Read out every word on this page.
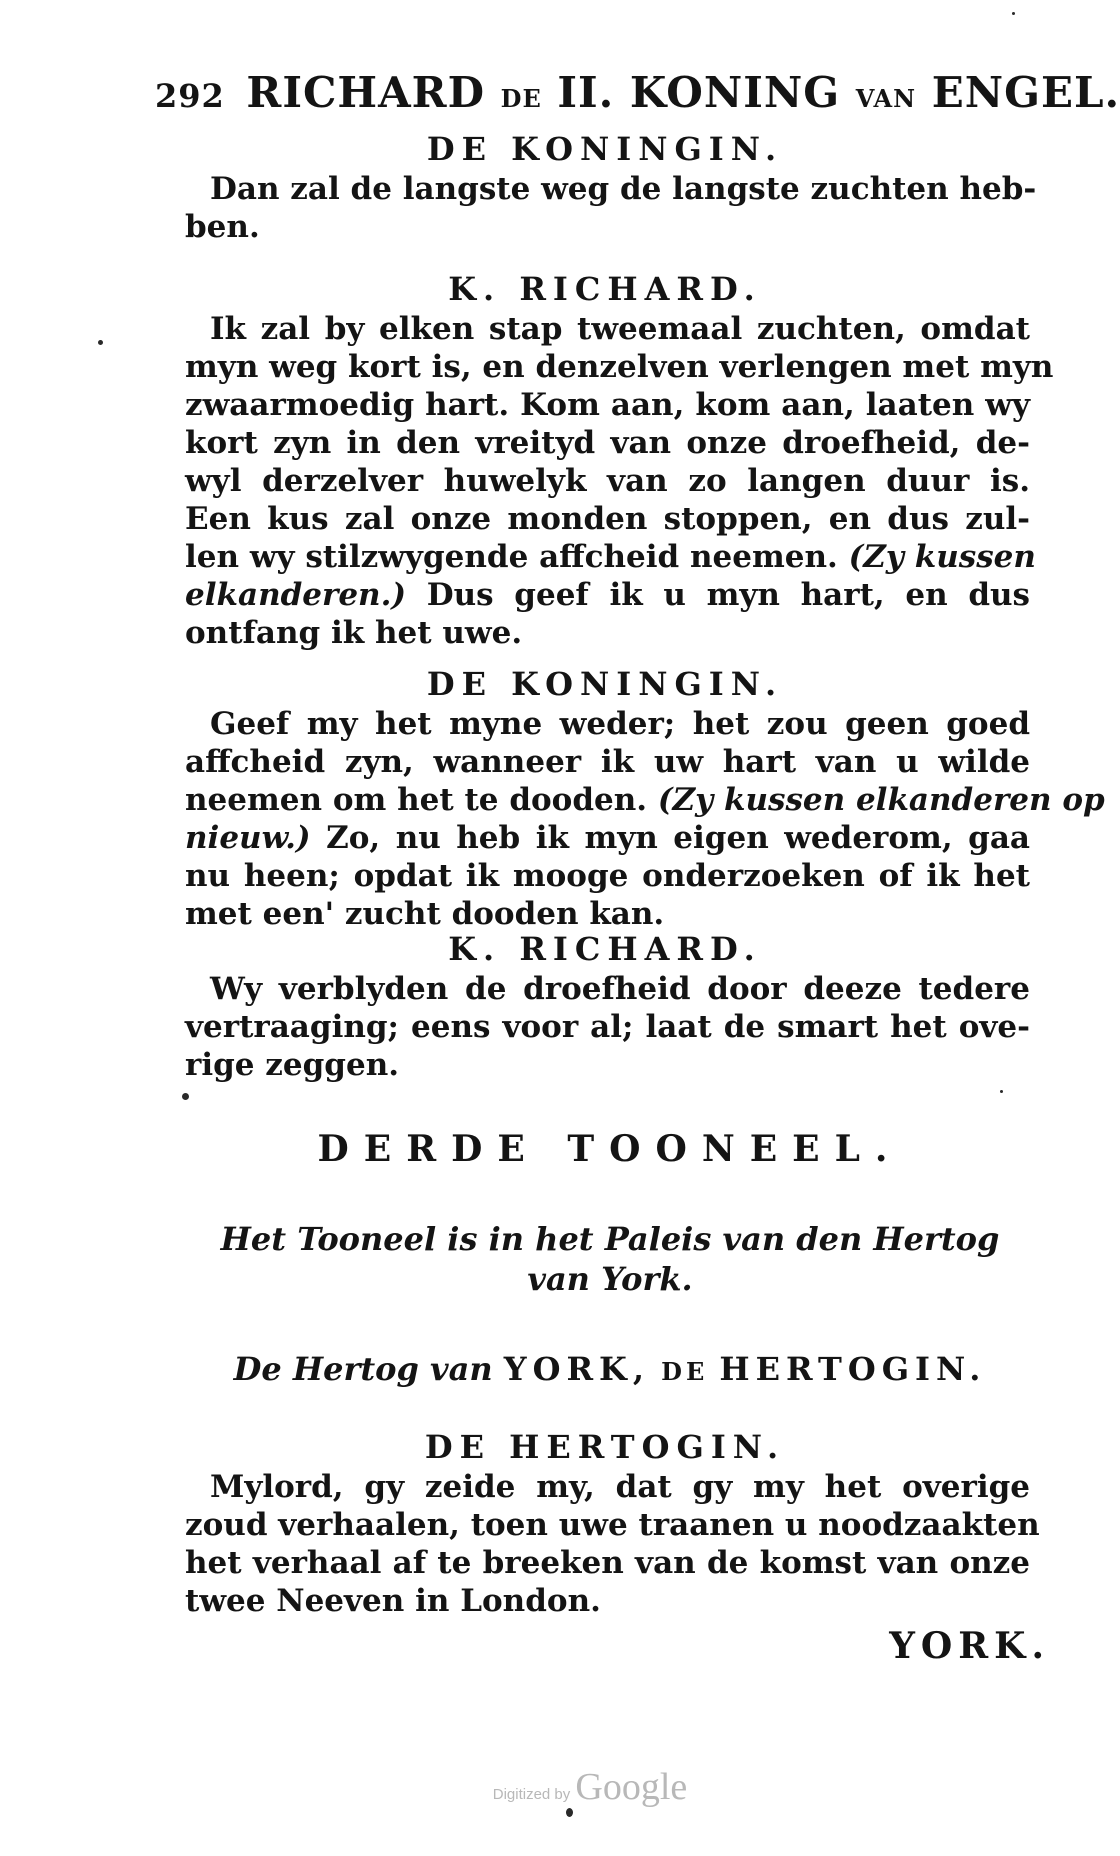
292 RICHARD DE II. KONING VAN ENGEL.
DE KONINGIN.
Dan zal de langste weg de langste zuchten heb-
ben.
K. RICHARD.
Ik zal by elken stap tweemaal zuchten, omdat
myn weg kort is, en denzelven verlengen met myn
zwaarmoedig hart. Kom aan, kom aan, laaten wy
kort zyn in den vreityd van onze droefheid, de-
wyl derzelver huwelyk van zo langen duur is.
Een kus zal onze monden stoppen, en dus zul-
len wy stilzwygende affcheid neemen. (Zy kussen
elkanderen.) Dus geef ik u myn hart, en dus
ontfang ik het uwe.
DE KONINGIN.
Geef my het myne weder; het zou geen goed
affcheid zyn, wanneer ik uw hart van u wilde
neemen om het te dooden. (Zy kussen elkanderen op
nieuw.) Zo, nu heb ik myn eigen wederom, gaa
nu heen; opdat ik mooge onderzoeken of ik het
met een' zucht dooden kan.
K. RICHARD.
Wy verblyden de droefheid door deeze tedere
vertraaging; eens voor al; laat de smart het ove-
rige zeggen.
DERDE TOONEEL.
Het Tooneel is in het Paleis van den Hertog
van York.
De Hertog van YORK, DE HERTOGIN.
DE HERTOGIN.
Mylord, gy zeide my, dat gy my het overige
zoud verhaalen, toen uwe traanen u noodzaakten
het verhaal af te breeken van de komst van onze
twee Neeven in London.
YORK.
Digitized by Google
